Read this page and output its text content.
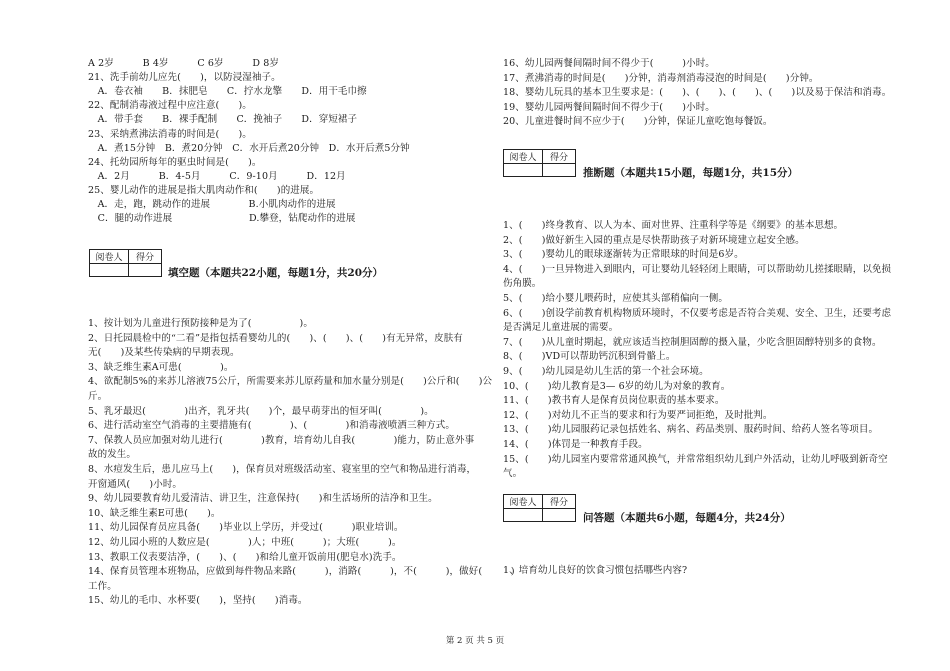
A 2岁　　　B 4岁　　　C 6岁　　　D 8岁
21、洗手前幼儿应先(　　)，以防浸湿袖子。
　A．卷衣袖　　B．抹肥皂　　C．拧水龙擎　　D．用干毛巾擦
22、配制消毒液过程中应注意(　　)。
　A．带手套　　B．裸手配制　　C．挽袖子　　D．穿短裙子
23、采纳煮沸法消毒的时间是(　　)。
　A．煮15分钟　B．煮20分钟　C．水开后煮20分钟　D．水开后煮5分钟
24、托幼园所每年的驱虫时间是(　　)。
　A．2月　　　B．4-5月　　　C．9-10月　　　D．12月
25、婴儿动作的进展是指大肌肉动作和(　　)的进展。
　A．走，跑，跳动作的进展　　　　B.小肌肉动作的进展
　C．腿的动作进展　　　　　　　　D.攀登，钻爬动作的进展
阅卷人	得分

填空题（本题共22小题，每题1分，共20分）
1、按计划为儿童进行预防接种是为了(　　　　　)。
2、日托园晨检中的“二看”是指包括看婴幼儿的(　　)、(　　)、(　　)有无异常，皮肤有
无(　　)及某些传染病的早期表现。
3、缺乏维生素A可患(　　　　)。
4、欲配制5%的来苏儿溶液75公斤，所需要来苏儿原药量和加水量分别是(　　)公斤和(　　)公
斤。
5、乳牙最迟(　　　　)出齐，乳牙共(　　)个，最早萌芽出的恒牙叫(　　　　)。
6、进行活动室空气消毒的主要措施有(　　　　)、(　　　　)和消毒液喷洒三种方式。
7、保教人员应加强对幼儿进行(　　　　)教育，培育幼儿自我(　　　　)能力，防止意外事
故的发生。
8、水痘发生后，患儿应马上(　　)，保育员对班级活动室、寝室里的空气和物品进行消毒，
开窗通风(　　)小时。
9、幼儿园要教育幼儿爱清洁、讲卫生，注意保持(　　)和生活场所的洁净和卫生。
10、缺乏维生素E可患(　　)。
11、幼儿园保育员应具备(　　)毕业以上学历，并受过(　　　)职业培训。
12、幼儿园小班的人数应是(　　　　)人；中班(　　　)；大班(　　　)。
13、教职工仪表要洁净，(　　)、(　　)和给儿童开饭前用(肥皂水)洗手。
14、保育员管理本班物品，应做到每件物品来路(　　　)，消路(　　　)，不(　　　)，做好(　　　)
工作。
15、幼儿的毛巾、水杯要(　　)，坚持(　　)消毒。
16、幼儿园两餐间隔时间不得少于(　　　)小时。
17、煮沸消毒的时间是(　　)分钟，消毒剂消毒浸泡的时间是(　　)分钟。
18、婴幼儿玩具的基本卫生要求是：(　　)、(　　)、(　　)、(　　)以及易于保洁和消毒。
19、婴幼儿园两餐间隔时间不得少于(　　)小时。
20、儿童进餐时间不应少于(　　)分钟，保证儿童吃饱每餐饭。
阅卷人	得分

推断题（本题共15小题，每题1分，共15分）
1、(　　)终身教育、以人为本、面对世界、注重科学等是《纲要》的基本思想。
2、(　　)做好新生入园的重点是尽快帮助孩子对新环境建立起安全感。
3、(　　)婴幼儿的眼球逐渐转为正常眼球的时间是6岁。
4、(　　)一旦异物进入到眼内，可让婴幼儿轻轻闭上眼睛，可以帮助幼儿搓揉眼睛，以免损
伤角膜。
5、(　　)给小婴儿喂药时，应使其头部稍偏向一侧。
6、(　　)创设学前教育机构物质环境时，不仅要考虑是否符合美观、安全、卫生，还要考虑
是否满足儿童进展的需要。
7、(　　)从儿童时期起，就应该适当控制胆固醇的摄入量，少吃含胆固醇特别多的食物。
8、(　　)VD可以帮助钙沉积到骨骼上。
9、(　　)幼儿园是幼儿生活的第一个社会环境。
10、(　　)幼儿教育是3— 6岁的幼儿为对象的教育。
11、(　　)教书育人是保育员岗位职责的基本要求。
12、(　　)对幼儿不正当的要求和行为要严词拒绝，及时批判。
13、(　　)幼儿园服药记录包括姓名、病名、药品类别、服药时间、给药人签名等项目。
14、(　　)体罚是一种教育手段。
15、(　　)幼儿园室内要常常通风换气，并常常组织幼儿到户外活动，让幼儿呼吸到新奇空
气。
阅卷人	得分

问答题（本题共6小题，每题4分，共24分）
1、培育幼儿良好的饮食习惯包括哪些内容?
第 2 页 共 5 页
